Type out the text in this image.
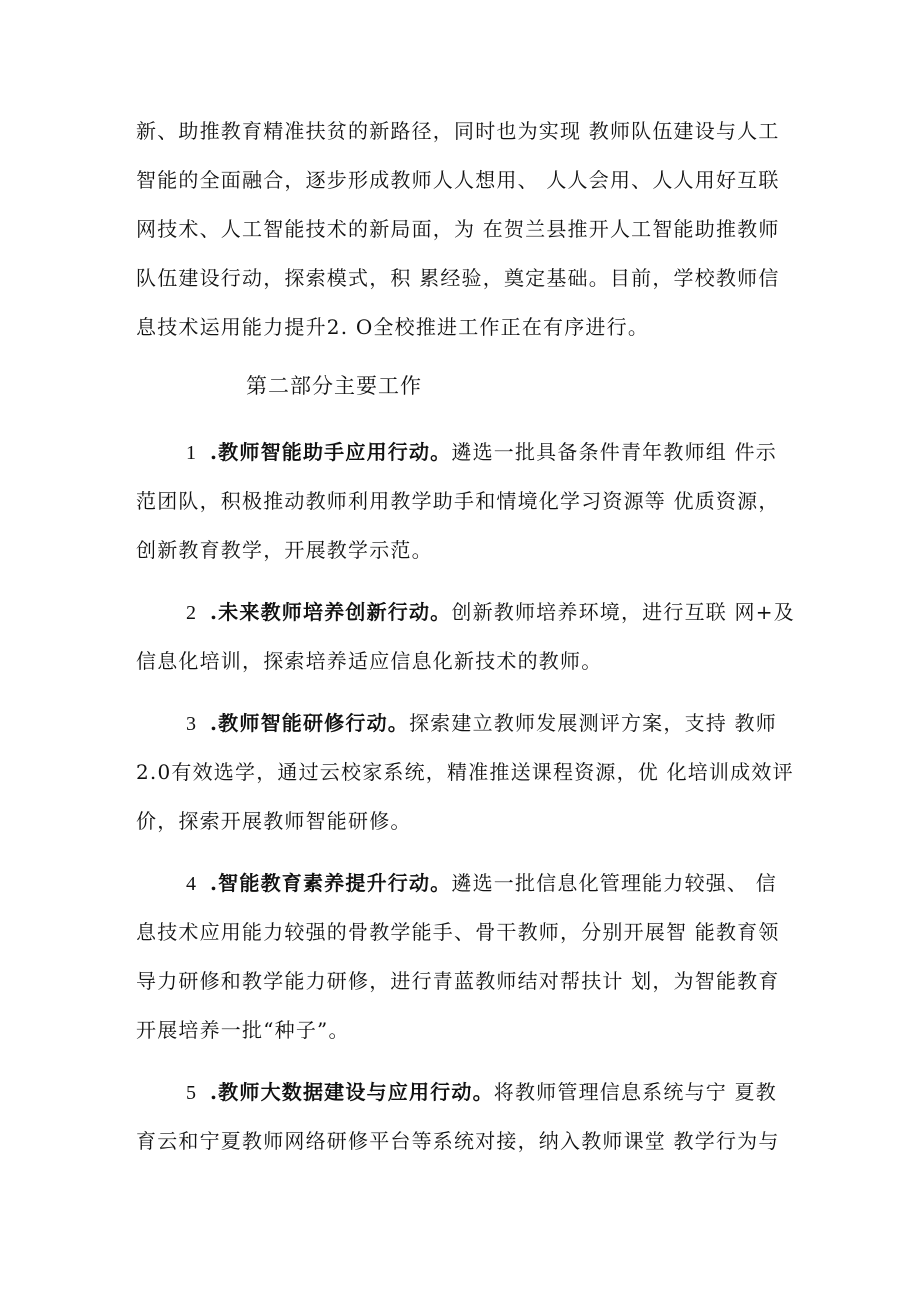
新、助推教育精准扶贫的新路径，同时也为实现 教师队伍建设与人工
智能的全面融合，逐步形成教师人人想用、 人人会用、人人用好互联
网技术、人工智能技术的新局面，为 在贺兰县推开人工智能助推教师
队伍建设行动，探索模式，积 累经验，奠定基础。目前，学校教师信
息技术运用能力提升2. O全校推进工作正在有序进行。
第二部分主要工作
1 .教师智能助手应用行动。遴选一批具备条件青年教师组 件示
范团队，积极推动教师利用教学助手和情境化学习资源等 优质资源，
创新教育教学，开展教学示范。
2 .未来教师培养创新行动。创新教师培养环境，进行互联 网+及
信息化培训，探索培养适应信息化新技术的教师。
3 .教师智能研修行动。探索建立教师发展测评方案，支持 教师
2.0有效选学，通过云校家系统，精准推送课程资源，优 化培训成效评
价，探索开展教师智能研修。
4 .智能教育素养提升行动。遴选一批信息化管理能力较强、 信
息技术应用能力较强的骨教学能手、骨干教师，分别开展智 能教育领
导力研修和教学能力研修，进行青蓝教师结对帮扶计 划，为智能教育
开展培养一批“种子”。
5 .教师大数据建设与应用行动。将教师管理信息系统与宁 夏教
育云和宁夏教师网络研修平台等系统对接，纳入教师课堂 教学行为与
